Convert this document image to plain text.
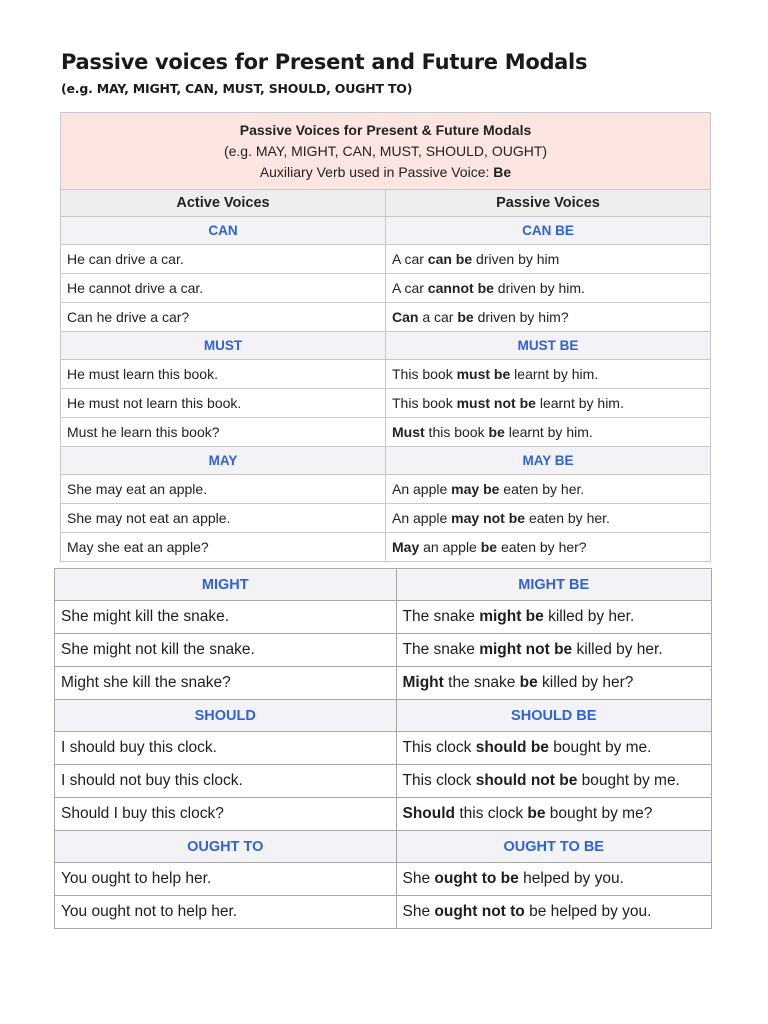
Passive voices for Present and Future Modals
(e.g. MAY, MIGHT, CAN, MUST, SHOULD, OUGHT TO)
Passive Voices for Present & Future Modals
(e.g. MAY, MIGHT, CAN, MUST, SHOULD, OUGHT)
Auxiliary Verb used in Passive Voice: Be	

Active Voices	Passive Voices
CAN	CAN BE
He can drive a car.	A car can be driven by him
He cannot drive a car.	A car cannot be driven by him.
Can he drive a car?	Can a car be driven by him?
MUST	MUST BE
He must learn this book.	This book must be learnt by him.
He must not learn this book.	This book must not be learnt by him.
Must he learn this book?	Must this book be learnt by him.
MAY	MAY BE
She may eat an apple.	An apple may be eaten by her.
She may not eat an apple.	An apple may not be eaten by her.
May she eat an apple?	May an apple be eaten by her?
MIGHT	MIGHT BE
She might kill the snake.	The snake might be killed by her.
She might not kill the snake.	The snake might not be killed by her.
Might she kill the snake?	Might the snake be killed by her?
SHOULD	SHOULD BE
I should buy this clock.	This clock should be bought by me.
I should not buy this clock.	This clock should not be bought by me.
Should I buy this clock?	Should this clock be bought by me?
OUGHT TO	OUGHT TO BE
You ought to help her.	She ought to be helped by you.
You ought not to help her.	She ought not to be helped by you.
